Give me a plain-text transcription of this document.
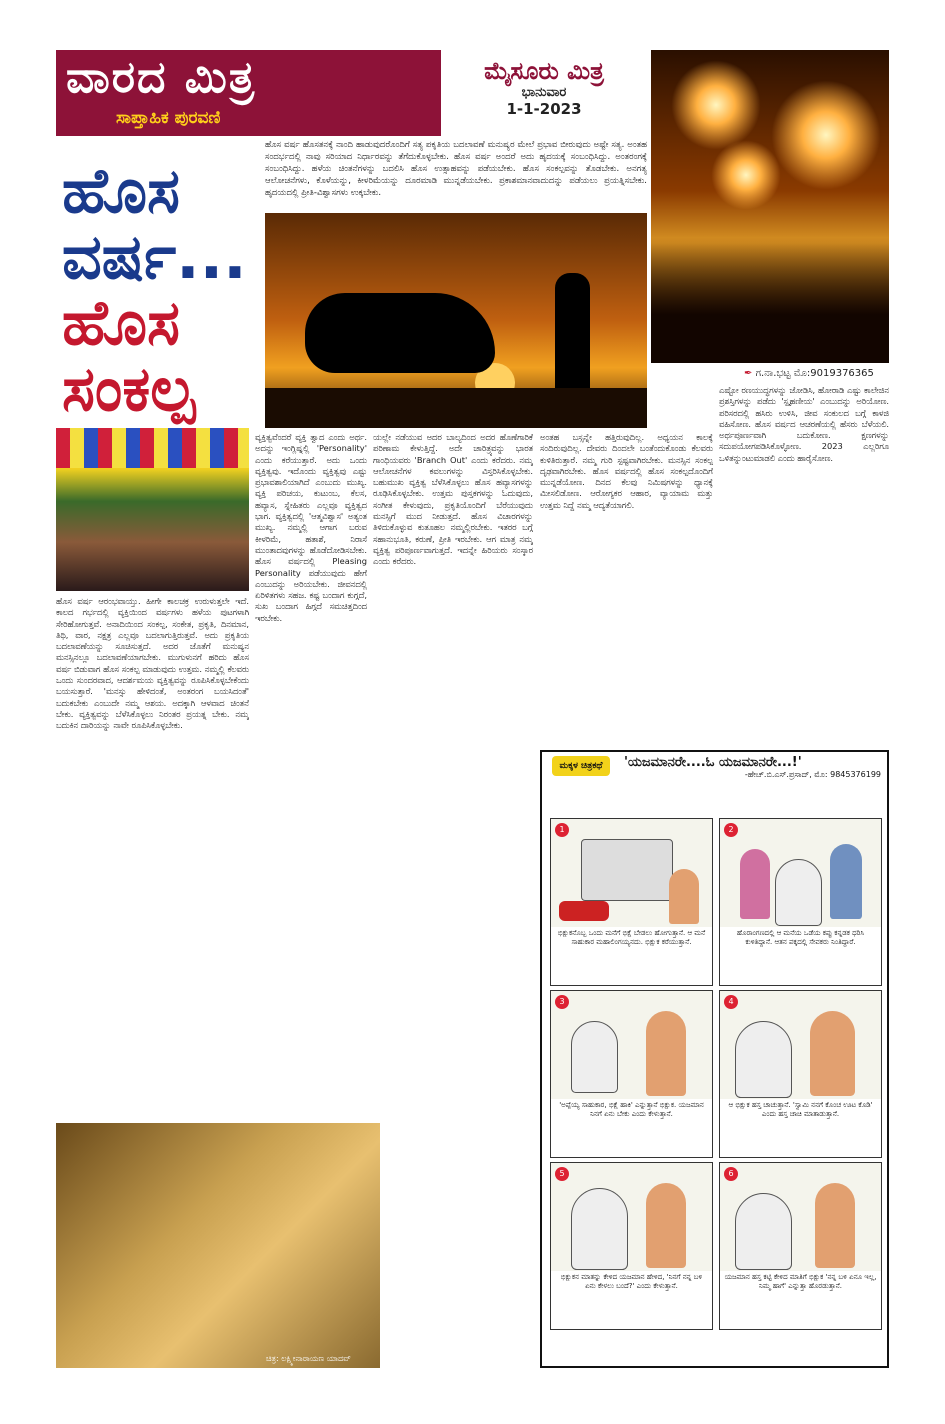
ವಾರದ ಮಿತ್ರ
ಸಾಪ್ತಾಹಿಕ ಪುರವಣಿ
ಮೈಸೂರು ಮಿತ್ರ
ಭಾನುವಾರ
1-1-2023
ಹೊಸ
ವರ್ಷ...
ಹೊಸ
ಸಂಕಲ್ಪ
ಹೊಸ ವರ್ಷ ಹೊಸತನಕ್ಕೆ ನಾಂದಿ ಹಾಡುವುದರೊಂದಿಗೆ ಸತ್ಯ ಪಕೃತಿಯ ಬದಲಾವಣೆ ಮನುಷ್ಯರ ಮೇಲೆ ಪ್ರಭಾವ ಬೀರುವುದು ಅಷ್ಟೇ ಸತ್ಯ. ಅಂತಹ ಸಂದರ್ಭದಲ್ಲಿ ನಾವು ಸರಿಯಾದ ನಿರ್ಧಾರವನ್ನು ತೆಗೆದುಕೊಳ್ಳಬೇಕು. ಹೊಸ ವರ್ಷ ಅಂದರೆ ಅದು ಹೃದಯಕ್ಕೆ ಸಂಬಂಧಿಸಿದ್ದು. ಅಂತರಂಗಕ್ಕೆ ಸಂಬಂಧಿಸಿದ್ದು. ಹಳೆಯ ಚಿಂತನೆಗಳನ್ನು ಬದಲಿಸಿ ಹೊಸ ಉತ್ಸಾಹವನ್ನು ಪಡೆಯಬೇಕು. ಹೊಸ ಸಂಕಲ್ಪವನ್ನು ತೊಡಬೇಕು. ಅನಗತ್ಯ ಆಲೋಚನೆಗಳು, ಕೊಳೆಯನ್ನು, ಕೀಳರಿಮೆಯನ್ನು ದೂರಮಾಡಿ ಮುನ್ನಡೆಯಬೇಕು. ಪ್ರಕಾಶಮಾನವಾದುದನ್ನು ಪಡೆಯಲು ಪ್ರಯತ್ನಿಸಬೇಕು. ಹೃದಯದಲ್ಲಿ ಪ್ರೀತಿ-ವಿಶ್ವಾಸಗಳು ಉಕ್ಕಬೇಕು.
✒ ಗ.ನಾ.ಭಟ್ಟ ಮೊ:9019376365
ಹೊಸ ವರ್ಷ ಆರಂಭವಾಯ್ತು. ಹೀಗೇ ಕಾಲಚಕ್ರ ಉರುಳುತ್ತಲೇ ಇದೆ. ಕಾಲದ ಗರ್ಭದಲ್ಲಿ ವ್ಯಕ್ತಿಯಿಂದ ವರ್ಷಗಳು ಹಳೆಯ ಪುಟಗಳಾಗಿ ಸೇರಿಹೋಗುತ್ತವೆ. ಅನಾದಿಯಿಂದ ಸಂಕಲ್ಪ, ಸಂಕೇತ, ಪ್ರಕೃತಿ, ದಿನಮಾನ, ತಿಥಿ, ವಾರ, ನಕ್ಷತ್ರ ಎಲ್ಲವೂ ಬದಲಾಗುತ್ತಿರುತ್ತವೆ. ಅದು ಪ್ರಕೃತಿಯ ಬದಲಾವಣೆಯನ್ನು ಸೂಚಿಸುತ್ತದೆ. ಅದರ ಜೊತೆಗೆ ಮನುಷ್ಯನ ಮನಸ್ಸಿನಲ್ಲೂ ಬದಲಾವಣೆಯಾಗಬೇಕು. ಮುಗುಳುನಗೆ ಹರಿದು ಹೊಸ ವರ್ಷ ಬಿಡುವಾಗ ಹೊಸ ಸಂಕಲ್ಪ ಮಾಡುವುದು ಉತ್ತಮ. ನಮ್ಮಲ್ಲಿ ಕೆಲವರು ಒಂದು ಸುಂದರವಾದ, ಆದರ್ಶಮಯ ವ್ಯಕ್ತಿತ್ವವನ್ನು ರೂಪಿಸಿಕೊಳ್ಳಬೇಕೆಂದು ಬಯಸುತ್ತಾರೆ. 'ಮನಸ್ಸು ಹೇಳಿದಂತೆ, ಅಂತರಂಗ ಬಯಸಿದಂತೆ' ಬದುಕಬೇಕು ಎಂಬುದೇ ನಮ್ಮ ಆಶಯ. ಅದಕ್ಕಾಗಿ ಆಳವಾದ ಚಿಂತನೆ ಬೇಕು. ವ್ಯಕ್ತಿತ್ವವನ್ನು ಬೆಳೆಸಿಕೊಳ್ಳಲು ನಿರಂತರ ಪ್ರಯತ್ನ ಬೇಕು. ನಮ್ಮ ಬದುಕಿನ ದಾರಿಯನ್ನು ನಾವೇ ರೂಪಿಸಿಕೊಳ್ಳಬೇಕು.
ವ್ಯಕ್ತಿತ್ವವೆಂದರೆ ವ್ಯಕ್ತಿ ತ್ವಾದ ಎಂದು ಅರ್ಥ. ಅದನ್ನು ಇಂಗ್ಲಿಷ್ನಲ್ಲಿ 'Personality' ಎಂದು ಕರೆಯುತ್ತಾರೆ. ಅದು ಒಂದು ವ್ಯಕ್ತಿತ್ವವು. ಇದೊಂದು ವ್ಯಕ್ತಿತ್ವವು ಎಷ್ಟು ಪ್ರಭಾವಶಾಲಿಯಾಗಿದೆ ಎಂಬುದು ಮುಖ್ಯ. ವ್ಯಕ್ತಿ ಪರಿಚಯ, ಕುಟುಂಬ, ಕೆಲಸ, ಹವ್ಯಾಸ, ಸ್ನೇಹಿತರು ಎಲ್ಲವೂ ವ್ಯಕ್ತಿತ್ವದ ಭಾಗ. ವ್ಯಕ್ತಿತ್ವದಲ್ಲಿ 'ಆತ್ಮವಿಶ್ವಾಸ' ಅತ್ಯಂತ ಮುಖ್ಯ. ನಮ್ಮಲ್ಲಿ ಆಗಾಗ ಬರುವ ಕೀಳರಿಮೆ, ಹತಾಶೆ, ನಿರಾಸೆ ಮುಂತಾದವುಗಳನ್ನು ಹೊಡೆದೋಡಿಸಬೇಕು. ಹೊಸ ವರ್ಷದಲ್ಲಿ Pleasing Personality ಪಡೆಯುವುದು ಹೇಗೆ ಎಂಬುದನ್ನು ಅರಿಯಬೇಕು. ಜೀವನದಲ್ಲಿ ಏರಿಳಿತಗಳು ಸಹಜ. ಕಷ್ಟ ಬಂದಾಗ ಕುಗ್ಗದೆ, ಸುಖ ಬಂದಾಗ ಹಿಗ್ಗದೆ ಸಮಚಿತ್ತದಿಂದ ಇರಬೇಕು.
ಯಲ್ಲೇ ನಡೆಯುವ ಅದರ ಬಾಲ್ಯದಿಂದ ಅದರ ಹೊಣೆಗಾರಿಕೆ ಪರಿಣಾಮ ಕೇಳುತ್ತಿದ್ದೆ. ಅದೇ ಚಾರಿತ್ರ್ಯವನ್ನು ಭಾರತ ಗಾಂಧಿಯವರು 'Branch Out' ಎಂದು ಕರೆದರು. ನಮ್ಮ ಆಲೋಚನೆಗಳ ಕವಲುಗಳನ್ನು ವಿಸ್ತರಿಸಿಕೊಳ್ಳಬೇಕು. ಬಹುಮುಖ ವ್ಯಕ್ತಿತ್ವ ಬೆಳೆಸಿಕೊಳ್ಳಲು ಹೊಸ ಹವ್ಯಾಸಗಳನ್ನು ರೂಢಿಸಿಕೊಳ್ಳಬೇಕು. ಉತ್ತಮ ಪುಸ್ತಕಗಳನ್ನು ಓದುವುದು, ಸಂಗೀತ ಕೇಳುವುದು, ಪ್ರಕೃತಿಯೊಂದಿಗೆ ಬೆರೆಯುವುದು ಮನಸ್ಸಿಗೆ ಮುದ ನೀಡುತ್ತದೆ. ಹೊಸ ವಿಚಾರಗಳನ್ನು ತಿಳಿದುಕೊಳ್ಳುವ ಕುತೂಹಲ ನಮ್ಮಲ್ಲಿರಬೇಕು. ಇತರರ ಬಗ್ಗೆ ಸಹಾನುಭೂತಿ, ಕರುಣೆ, ಪ್ರೀತಿ ಇರಬೇಕು. ಆಗ ಮಾತ್ರ ನಮ್ಮ ವ್ಯಕ್ತಿತ್ವ ಪರಿಪೂರ್ಣವಾಗುತ್ತದೆ. ಇದನ್ನೇ ಹಿರಿಯರು ಸಂಸ್ಕಾರ ಎಂದು ಕರೆದರು.
ಅಂತಹ ಬಸ್ಸನ್ನೇ ಹತ್ತಿರುವುದಿಲ್ಲ. ಅಧ್ಯಯನ ಕಾಲಕ್ಕೆ ಸಂದಿರುವುದಿಲ್ಲ. ದೇವರು ದಿಂದಲೇ ಬಂತೆಂದುಕೊಂಡು ಕೆಲವರು ಕುಳಿತಿರುತ್ತಾರೆ. ನಮ್ಮ ಗುರಿ ಸ್ಪಷ್ಟವಾಗಿರಬೇಕು. ಮನಸ್ಸಿನ ಸಂಕಲ್ಪ ದೃಢವಾಗಿರಬೇಕು. ಹೊಸ ವರ್ಷದಲ್ಲಿ ಹೊಸ ಸಂಕಲ್ಪದೊಂದಿಗೆ ಮುನ್ನಡೆಯೋಣ. ದಿನದ ಕೆಲವು ನಿಮಿಷಗಳನ್ನು ಧ್ಯಾನಕ್ಕೆ ಮೀಸಲಿಡೋಣ. ಆರೋಗ್ಯಕರ ಆಹಾರ, ವ್ಯಾಯಾಮ ಮತ್ತು ಉತ್ತಮ ನಿದ್ದೆ ನಮ್ಮ ಆದ್ಯತೆಯಾಗಲಿ.
ಎಷ್ಟೋ ರಣಯುದ್ಧಗಳನ್ನು ಜೋಡಿಸಿ, ಹೋರಾಡಿ ಎಷ್ಟು ಕಾಲೇಜಿನ ಪ್ರಶಸ್ತಿಗಳನ್ನು ಪಡೆದು 'ಸ್ಪೃಹಣೀಯ' ಎಂಬುದನ್ನು ಅರಿಯೋಣ. ಪರಿಸರದಲ್ಲಿ ಹಸಿರು ಉಳಿಸಿ, ಜೀವ ಸಂಕುಲದ ಬಗ್ಗೆ ಕಾಳಜಿ ವಹಿಸೋಣ. ಹೊಸ ವರ್ಷದ ಆಚರಣೆಯಲ್ಲಿ ಹೆಸರು ಬೆಳೆಯಲಿ. ಅರ್ಥಪೂರ್ಣವಾಗಿ ಬದುಕೋಣ. ಕ್ಷಣಗಳನ್ನು ಸದುಪಯೋಗಪಡಿಸಿಕೊಳ್ಳೋಣ. 2023 ಎಲ್ಲರಿಗೂ ಒಳಿತನ್ನುಂಟುಮಾಡಲಿ ಎಂದು ಹಾರೈಸೋಣ.
ಚಿತ್ರ: ಲಕ್ಷ್ಮೀನಾರಾಯಣ ಯಾದವ್
ಮಕ್ಕಳ ಚಿತ್ರಕಥೆ	'ಯಜಮಾನರೇ....ಓ ಯಜಮಾನರೇ...!'
-ಹೇಚ್.ಬಿ.ಎಸ್.ಪ್ರಸಾದ್, ಮೊ: 9845376199
1
ಭಿಕ್ಷುಕನೊಬ್ಬ ಒಂದು ಮನೆಗೆ ಭಿಕ್ಷೆ ಬೇಡಲು ಹೋಗುತ್ತಾನೆ. ಆ ಮನೆ ಸಾಹುಕಾರ ಮಹಾಲಿಂಗಯ್ಯನದು. ಭಿಕ್ಷುಕ ಕರೆಯುತ್ತಾನೆ.
2
ಹೊರಾಂಗಣದಲ್ಲಿ ಆ ಮನೆಯ ಒಡೆಯ ಕಪ್ಪು ಕನ್ನಡಕ ಧರಿಸಿ ಕುಳಿತಿದ್ದಾನೆ. ಆತನ ಪಕ್ಕದಲ್ಲಿ ಸೇವಕರು ನಿಂತಿದ್ದಾರೆ.
3
'ಅಪ್ಪೆಯ್ಯ ಸಾಹುಕಾರ, ಭಿಕ್ಷೆ ಹಾಕಿ' ಎನ್ನುತ್ತಾನೆ ಭಿಕ್ಷುಕ. ಯಜಮಾನ ನಿನಗೆ ಏನು ಬೇಕು ಎಂದು ಕೇಳುತ್ತಾನೆ.
4
ಆ ಭಿಕ್ಷುಕ ಹಸ್ತ ಚಾಚುತ್ತಾನೆ. 'ಸ್ವಾಮಿ ನನಗೆ ಕೊಂಚ ಊಟ ಕೊಡಿ' ಎಂದು ಹಸ್ತ ಚಾಚಿ ಮಾತಾಡುತ್ತಾನೆ.
5
ಭಿಕ್ಷುಕನ ಮಾತನ್ನು ಕೇಳಿದ ಯಜಮಾನ ಹೇಳಿದ, 'ನಿನಗೆ ನನ್ನ ಬಳಿ ಏನು ಕೇಳಲು ಬಂದೆ?' ಎಂದು ಕೇಳುತ್ತಾನೆ.
6
ಯಜಮಾನ ಹಸ್ತ ಕಟ್ಟಿ ಕೇಳಿದ ಮಾತಿಗೆ ಭಿಕ್ಷುಕ 'ನನ್ನ ಬಳಿ ಏನೂ ಇಲ್ಲ, ನಿಮ್ಮ ಹಾಗೆ' ಎನ್ನುತ್ತಾ ಹೊರಡುತ್ತಾನೆ.
